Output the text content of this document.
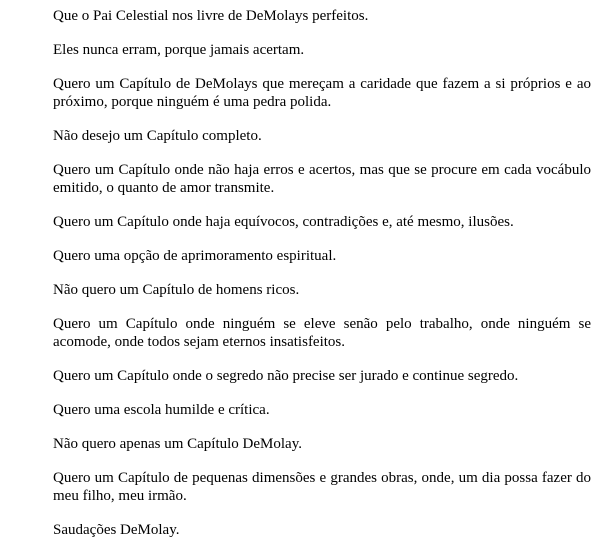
Que o Pai Celestial nos livre de DeMolays perfeitos.

Eles nunca erram, porque jamais acertam.

Quero um Capítulo de DeMolays que mereçam a caridade que fazem a si próprios e ao próximo, porque ninguém é uma pedra polida.

Não desejo um Capítulo completo.

Quero um Capítulo onde não haja erros e acertos, mas que se procure em cada vocábulo emitido, o quanto de amor transmite.

Quero um Capítulo onde haja equívocos, contradições e, até mesmo, ilusões.

Quero uma opção de aprimoramento espiritual.

Não quero um Capítulo de homens ricos.

Quero um Capítulo onde ninguém se eleve senão pelo trabalho, onde ninguém se acomode, onde todos sejam eternos insatisfeitos.

Quero um Capítulo onde o segredo não precise ser jurado e continue segredo.

Quero uma escola humilde e crítica.

Não quero apenas um Capítulo DeMolay.

Quero um Capítulo de pequenas dimensões e grandes obras, onde, um dia possa fazer do meu filho, meu irmão.

Saudações DeMolay.
